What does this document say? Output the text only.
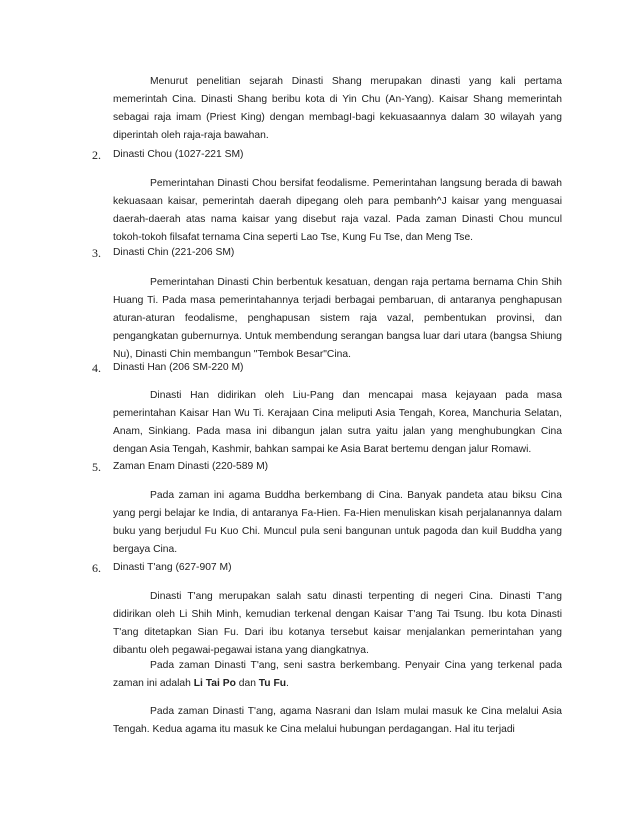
Menurut penelitian sejarah Dinasti Shang merupakan dinasti yang kali pertama memerintah Cina. Dinasti Shang beribu kota di Yin Chu (An-Yang). Kaisar Shang memerintah sebagai raja imam (Priest King) dengan membagI-bagi kekuasaannya dalam 30 wilayah yang diperintah oleh raja-raja bawahan.

2. Dinasti Chou (1027-221 SM)

Pemerintahan Dinasti Chou bersifat feodalisme. Pemerintahan langsung berada di bawah kekuasaan kaisar, pemerintah daerah dipegang oleh para pembanh^J kaisar yang menguasai daerah-daerah atas nama kaisar yang disebut raja vazal. Pada zaman Dinasti Chou muncul tokoh-tokoh filsafat ternama Cina seperti Lao Tse, Kung Fu Tse, dan Meng Tse.

3. Dinasti Chin (221-206 SM)

Pemerintahan Dinasti Chin berbentuk kesatuan, dengan raja pertama bernama Chin Shih Huang Ti. Pada masa pemerintahannya terjadi berbagai pembaruan, di antaranya penghapusan aturan-aturan feodalisme, penghapusan sistem raja vazal, pembentukan provinsi, dan pengangkatan gubernurnya. Untuk membendung serangan bangsa luar dari utara (bangsa Shiung Nu), Dinasti Chin membangun "Tembok Besar"Cina.

4. Dinasti Han (206 SM-220 M)

Dinasti Han didirikan oleh Liu-Pang dan mencapai masa kejayaan pada masa pemerintahan Kaisar Han Wu Ti. Kerajaan Cina meliputi Asia Tengah, Korea, Manchuria Selatan, Anam, Sinkiang. Pada masa ini dibangun jalan sutra yaitu jalan yang menghubungkan Cina dengan Asia Tengah, Kashmir, bahkan sampai ke Asia Barat bertemu dengan jalur Romawi.

5. Zaman Enam Dinasti (220-589 M)

Pada zaman ini agama Buddha berkembang di Cina. Banyak pandeta atau biksu Cina yang pergi belajar ke India, di antaranya Fa-Hien. Fa-Hien menuliskan kisah perjalanannya dalam buku yang berjudul Fu Kuo Chi. Muncul pula seni bangunan untuk pagoda dan kuil Buddha yang bergaya Cina.

6. Dinasti T'ang (627-907 M)

Dinasti T'ang merupakan salah satu dinasti terpenting di negeri Cina. Dinasti T'ang didirikan oleh Li Shih Minh, kemudian terkenal dengan Kaisar T'ang Tai Tsung. Ibu kota Dinasti T'ang ditetapkan Sian Fu. Dari ibu kotanya tersebut kaisar menjalankan pemerintahan yang dibantu oleh pegawai-pegawai istana yang diangkatnya.

Pada zaman Dinasti T'ang, seni sastra berkembang. Penyair Cina yang terkenal pada zaman ini adalah Li Tai Po dan Tu Fu.

Pada zaman Dinasti T'ang, agama Nasrani dan Islam mulai masuk ke Cina melalui Asia Tengah. Kedua agama itu masuk ke Cina melalui hubungan perdagangan. Hal itu terjadi
